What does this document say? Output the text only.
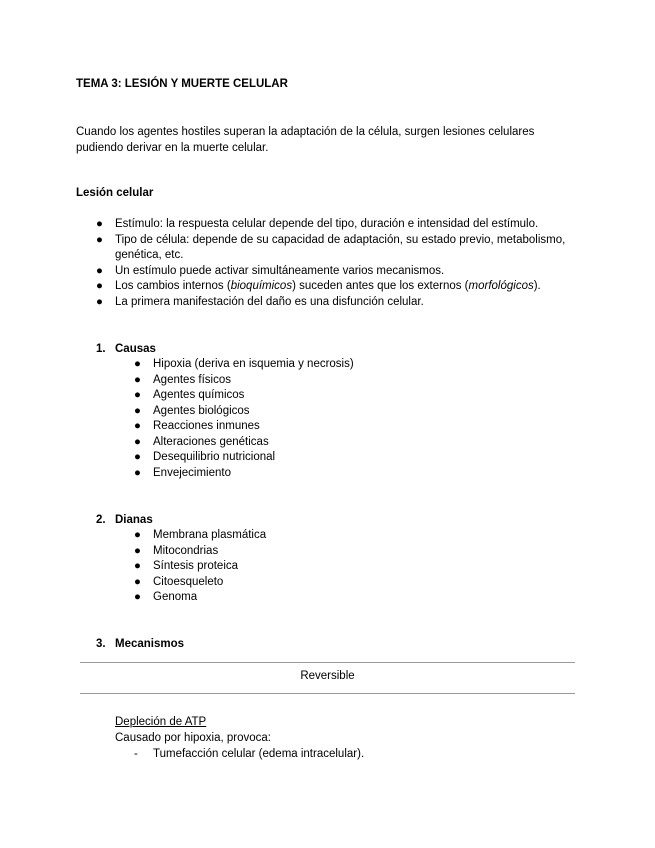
TEMA 3: LESIÓN Y MUERTE CELULAR
Cuando los agentes hostiles superan la adaptación de la célula, surgen lesiones celulares pudiendo derivar en la muerte celular.
Lesión celular
● Estímulo: la respuesta celular depende del tipo, duración e intensidad del estímulo.
● Tipo de célula: depende de su capacidad de adaptación, su estado previo, metabolismo, genética, etc.
● Un estímulo puede activar simultáneamente varios mecanismos.
● Los cambios internos (bioquímicos) suceden antes que los externos (morfológicos).
● La primera manifestación del daño es una disfunción celular.
1. Causas
● Hipoxia (deriva en isquemia y necrosis)
● Agentes físicos
● Agentes químicos
● Agentes biológicos
● Reacciones inmunes
● Alteraciones genéticas
● Desequilibrio nutricional
● Envejecimiento
2. Dianas
● Membrana plasmática
● Mitocondrias
● Síntesis proteica
● Citoesqueleto
● Genoma
3. Mecanismos
Reversible
Depleción de ATP
Causado por hipoxia, provoca:
- Tumefacción celular (edema intracelular).
